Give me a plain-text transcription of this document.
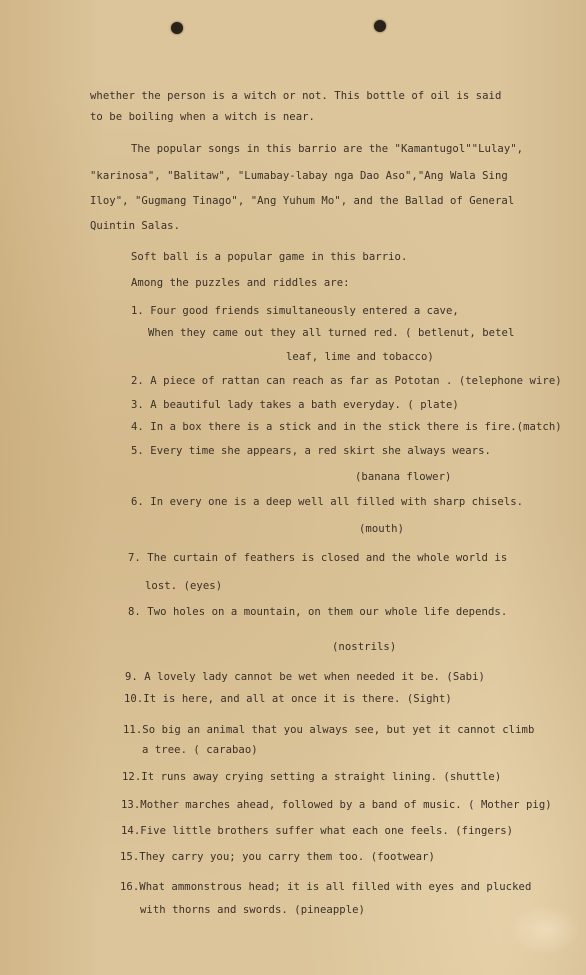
whether the person is a witch or not. This bottle of oil is said
to be boiling when a witch is near.
The popular songs in this barrio are the "Kamantugol""Lulay",
"karinosa", "Balitaw", "Lumabay-labay nga Dao Aso","Ang Wala Sing
Iloy", "Gugmang Tinago", "Ang Yuhum Mo", and the Ballad of General
Quintin Salas.
Soft ball is a popular game in this barrio.
Among the puzzles and riddles are:
1. Four good friends simultaneously entered a cave,
When they came out they all turned red. ( betlenut, betel
leaf, lime and tobacco)
2. A piece of rattan can reach as far as Pototan . (telephone wire)
3. A beautiful lady takes a bath everyday. ( plate)
4. In a box there is a stick and in the stick there is fire.(match)
5. Every time she appears, a red skirt she always wears.
(banana flower)
6. In every one is a deep well all filled with sharp chisels.
(mouth)
7. The curtain of feathers is closed and the whole world is
lost. (eyes)
8. Two holes on a mountain, on them our whole life depends.
(nostrils)
9. A lovely lady cannot be wet when needed it be. (Sabi)
10.It is here, and all at once it is there. (Sight)
11.So big an animal that you always see, but yet it cannot climb
a tree. ( carabao)
12.It runs away crying setting a straight lining. (shuttle)
13.Mother marches ahead, followed by a band of music. ( Mother pig)
14.Five little brothers suffer what each one feels. (fingers)
15.They carry you; you carry them too. (footwear)
16.What ammonstrous head; it is all filled with eyes and plucked
with thorns and swords. (pineapple)
